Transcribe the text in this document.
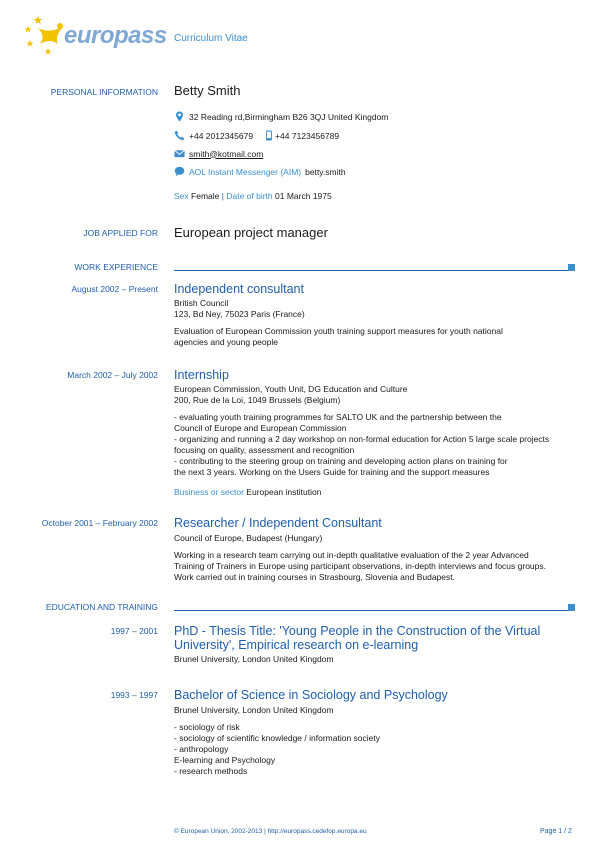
europass Curriculum Vitae
PERSONAL INFORMATION Betty Smith
32 Reading rd,Birmingham B26 3QJ United Kingdom
+44 2012345679	+44 7123456789
smith@kotmail.com
AOL Instant Messenger (AIM) betty.smith
Sex Female | Date of birth 01 March 1975
JOB APPLIED FOR European project manager
WORK EXPERIENCE
August 2002 – Present Independent consultant
British Council
123, Bd Ney, 75023 Paris (France)
Evaluation of European Commission youth training support measures for youth national
agencies and young people
March 2002 – July 2002 Internship
European Commission, Youth Unit, DG Education and Culture
200, Rue de la Loi, 1049 Brussels (Belgium)
- evaluating youth training programmes for SALTO UK and the partnership between the
Council of Europe and European Commission
- organizing and running a 2 day workshop on non-formal education for Action 5 large scale projects
focusing on quality, assessment and recognition
- contributing to the steering group on training and developing action plans on training for
the next 3 years. Working on the Users Guide for training and the support measures
Business or sector European institution
October 2001 – February 2002 Researcher / Independent Consultant
Council of Europe, Budapest (Hungary)
Working in a research team carrying out in-depth qualitative evaluation of the 2 year Advanced
Training of Trainers in Europe using participant observations, in-depth interviews and focus groups.
Work carried out in training courses in Strasbourg, Slovenia and Budapest.
EDUCATION AND TRAINING
1997 – 2001 PhD - Thesis Title: 'Young People in the Construction of the Virtual
University', Empirical research on e-learning
Brunel University, London United Kingdom
1993 – 1997 Bachelor of Science in Sociology and Psychology
Brunel University, London United Kingdom
- sociology of risk
- sociology of scientific knowledge / information society
- anthropology
E-learning and Psychology
- research methods
© European Union, 2002-2013 | http://europass.cedefop.europa.eu	Page 1 / 2
